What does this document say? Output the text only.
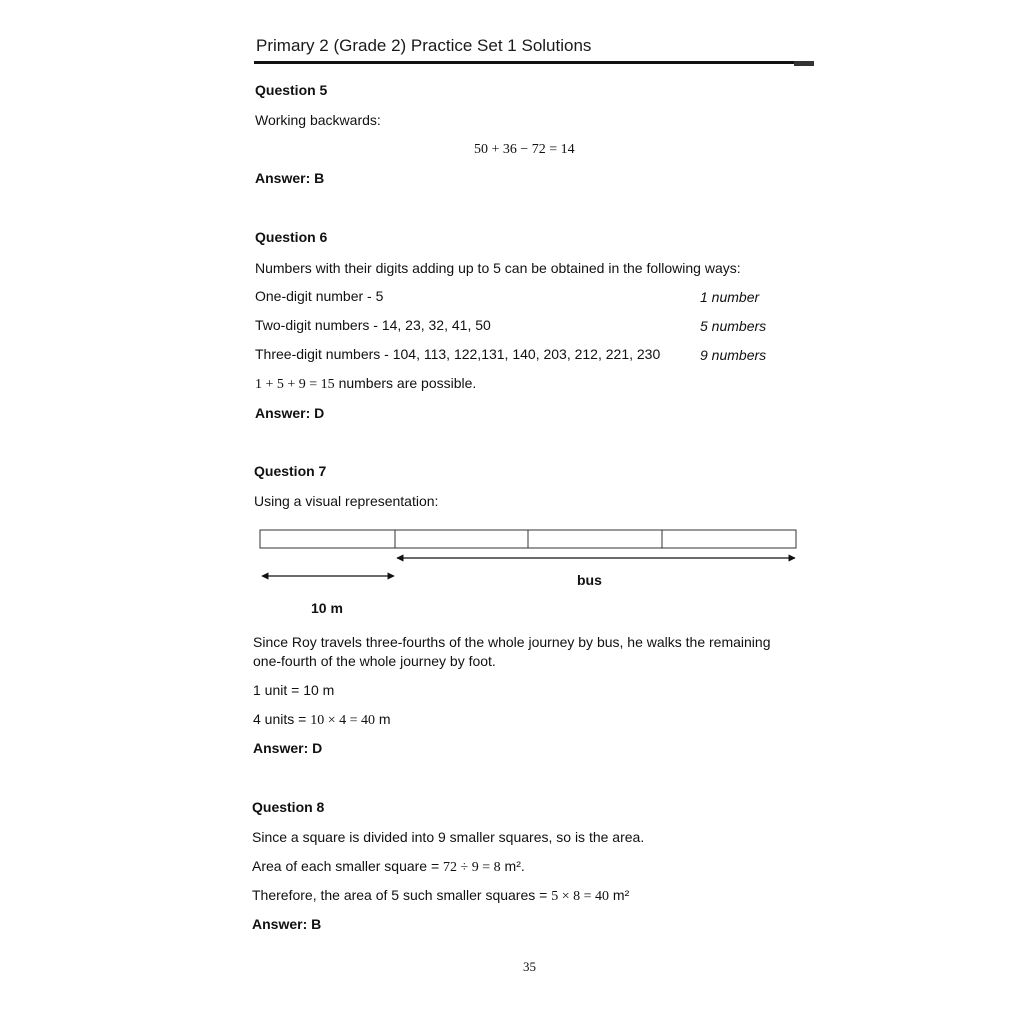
Primary 2 (Grade 2) Practice Set 1 Solutions
Question 5
Working backwards:
50 + 36 − 72 = 14
Answer: B
Question 6
Numbers with their digits adding up to 5 can be obtained in the following ways:
One-digit number - 5	1 number
Two-digit numbers - 14, 23, 32, 41, 50	5 numbers
Three-digit numbers - 104, 113, 122,131, 140, 203, 212, 221, 230	9 numbers
1 + 5 + 9 = 15 numbers are possible.
Answer: D
Question 7
Using a visual representation:
bus
10 m
Since Roy travels three-fourths of the whole journey by bus, he walks the remaining
one-fourth of the whole journey by foot.
1 unit = 10 m
4 units = 10 × 4 = 40 m
Answer: D
Question 8
Since a square is divided into 9 smaller squares, so is the area.
Area of each smaller square = 72 ÷ 9 = 8 m².
Therefore, the area of 5 such smaller squares = 5 × 8 = 40 m²
Answer: B
35
